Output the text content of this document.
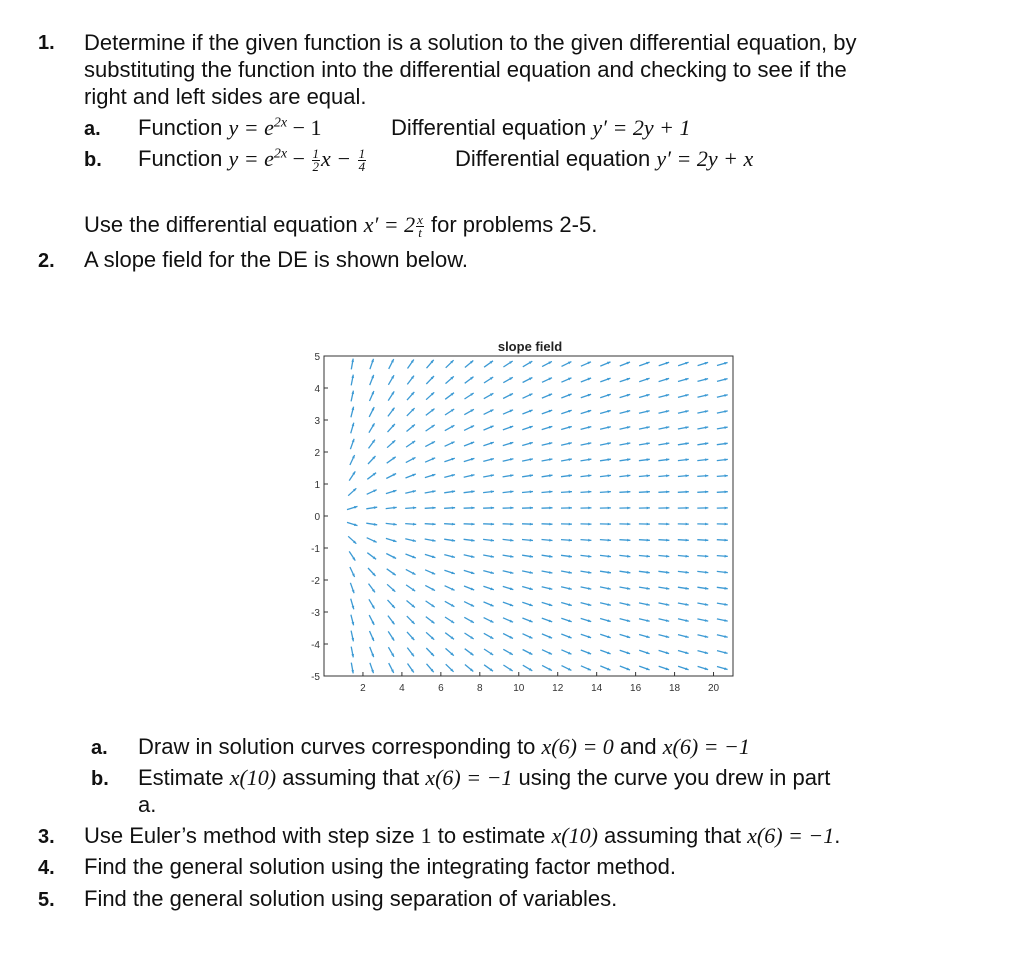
1. Determine if the given function is a solution to the given differential equation, by
substituting the function into the differential equation and checking to see if the
right and left sides are equal.
a. Function $y = e^{2x} - 1$	Differential equation y′ = 2y + 1
b. Function $y = e^{2x} - \frac{1}{2}$ $x - \frac{1}{4}$	Differential equation y′ = 2y + x
Use the differential equation $x' = 2 \frac{x}{t}$ for problems 2-5.
2. A slope field for the DE is shown below.
slope field
5
4
3
2
1
0
-1
-2
-3
-4
-5
2	4	6	8	10	12	14	16	18	20
a. Draw in solution curves corresponding to x(6) = 0 and x(6) = −1
b. Estimate x(10) assuming that x(6) = −1 using the curve you drew in part
a.
3. Use Euler’s method with step size 1 to estimate x(10) assuming that x(6) = −1.
4. Find the general solution using the integrating factor method.
5. Find the general solution using separation of variables.
